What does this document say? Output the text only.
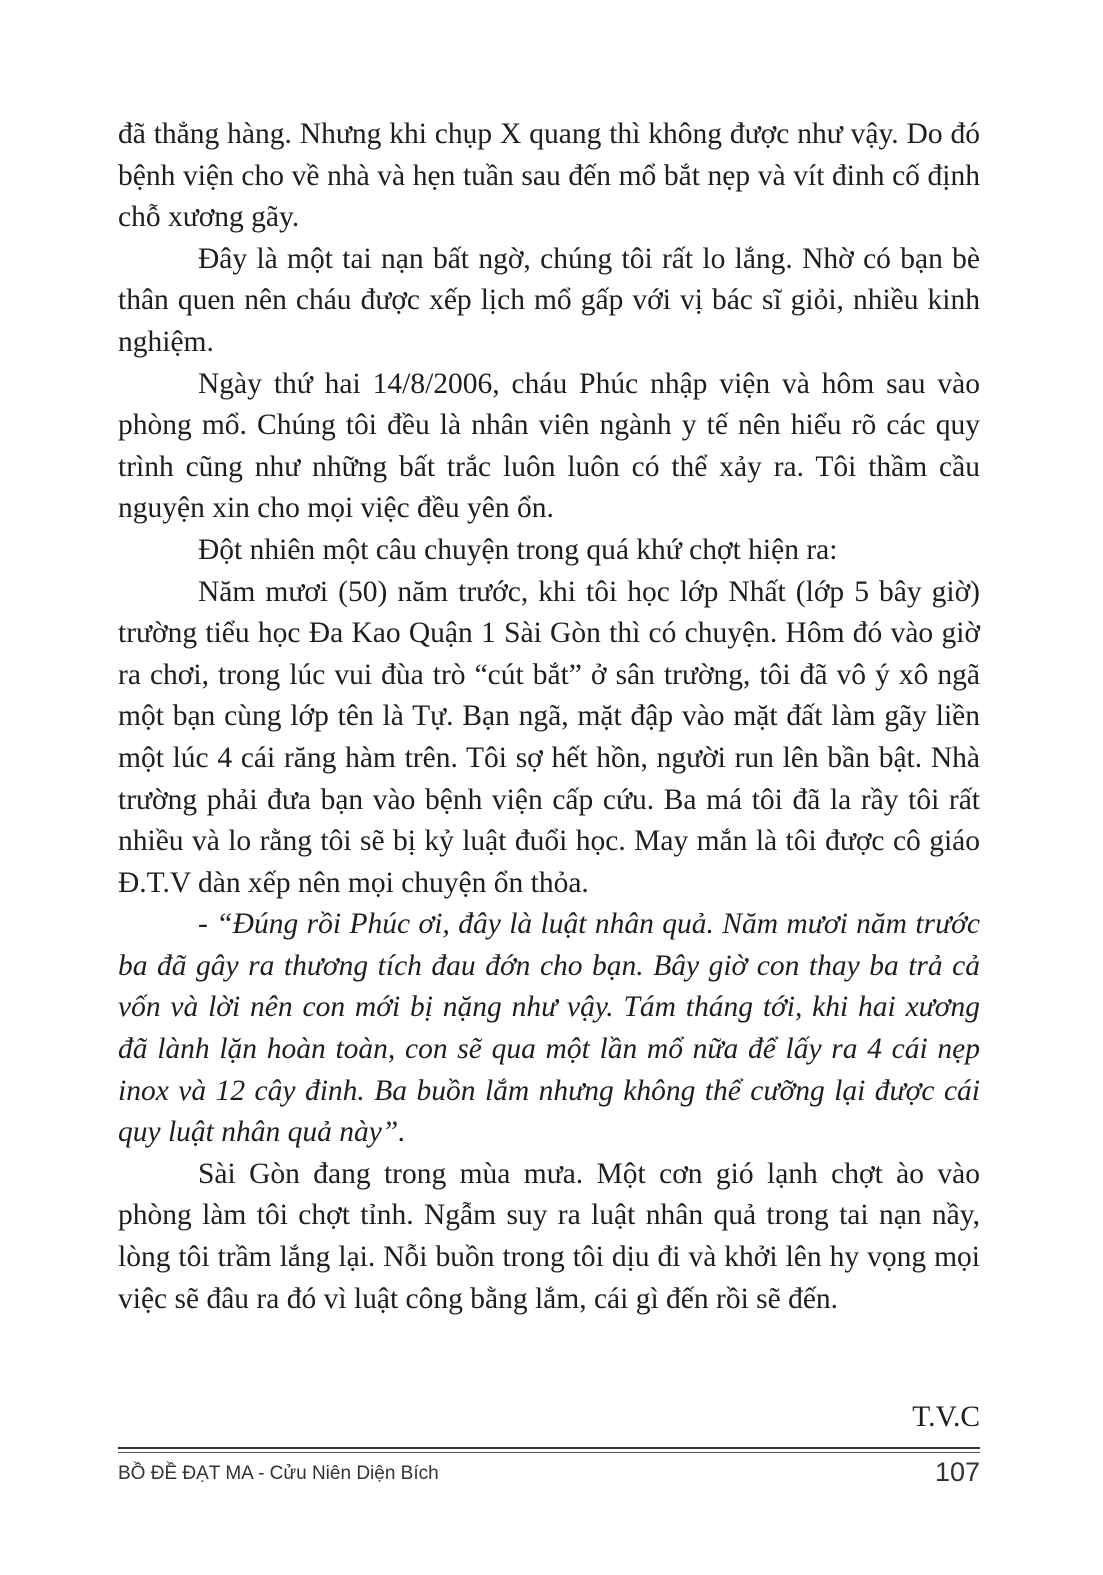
đã thẳng hàng. Nhưng khi chụp X quang thì không được như vậy. Do đó bệnh viện cho về nhà và hẹn tuần sau đến mổ bắt nẹp và vít đinh cố định chỗ xương gãy.

Đây là một tai nạn bất ngờ, chúng tôi rất lo lắng. Nhờ có bạn bè thân quen nên cháu được xếp lịch mổ gấp với vị bác sĩ giỏi, nhiều kinh nghiệm.

Ngày thứ hai 14/8/2006, cháu Phúc nhập viện và hôm sau vào phòng mổ. Chúng tôi đều là nhân viên ngành y tế nên hiểu rõ các quy trình cũng như những bất trắc luôn luôn có thể xảy ra. Tôi thầm cầu nguyện xin cho mọi việc đều yên ổn.

Đột nhiên một câu chuyện trong quá khứ chợt hiện ra:

Năm mươi (50) năm trước, khi tôi học lớp Nhất (lớp 5 bây giờ) trường tiểu học Đa Kao Quận 1 Sài Gòn thì có chuyện. Hôm đó vào giờ ra chơi, trong lúc vui đùa trò “cút bắt” ở sân trường, tôi đã vô ý xô ngã một bạn cùng lớp tên là Tự. Bạn ngã, mặt đập vào mặt đất làm gãy liền một lúc 4 cái răng hàm trên. Tôi sợ hết hồn, người run lên bần bật. Nhà trường phải đưa bạn vào bệnh viện cấp cứu. Ba má tôi đã la rầy tôi rất nhiều và lo rằng tôi sẽ bị kỷ luật đuổi học. May mắn là tôi được cô giáo Đ.T.V dàn xếp nên mọi chuyện ổn thỏa.

- “Đúng rồi Phúc ơi, đây là luật nhân quả. Năm mươi năm trước ba đã gây ra thương tích đau đớn cho bạn. Bây giờ con thay ba trả cả vốn và lời nên con mới bị nặng như vậy. Tám tháng tới, khi hai xương đã lành lặn hoàn toàn, con sẽ qua một lần mổ nữa để lấy ra 4 cái nẹp inox và 12 cây đinh. Ba buồn lắm nhưng không thể cưỡng lại được cái quy luật nhân quả này”.

Sài Gòn đang trong mùa mưa. Một cơn gió lạnh chợt ào vào phòng làm tôi chợt tỉnh. Ngẫm suy ra luật nhân quả trong tai nạn nầy, lòng tôi trầm lắng lại. Nỗi buồn trong tôi dịu đi và khởi lên hy vọng mọi việc sẽ đâu ra đó vì luật công bằng lắm, cái gì đến rồi sẽ đến.

T.V.C
BỒ ĐỀ ĐẠT MA - Cửu Niên Diện Bích	107
